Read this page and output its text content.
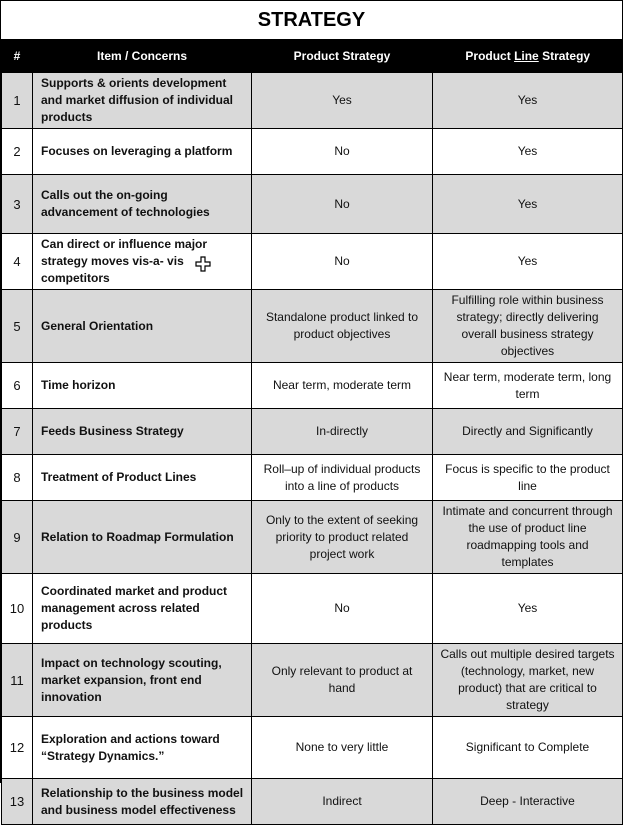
STRATEGY
#	Item / Concerns	Product Strategy	Product Line Strategy
1	Supports & orients development and market diffusion of individual products	Yes	Yes
2	Focuses on leveraging a platform	No	Yes
3	Calls out the on-going advancement of technologies	No	Yes
4	Can direct or influence major strategy moves vis-a- vis competitors	No	Yes
5	General Orientation	Standalone product linked to product objectives	Fulfilling role within business strategy; directly delivering overall business strategy objectives
6	Time horizon	Near term, moderate term	Near term, moderate term, long term
7	Feeds Business Strategy	In-directly	Directly and Significantly
8	Treatment of Product Lines	Roll–up of individual products into a line of products	Focus is specific to the product line
9	Relation to Roadmap Formulation	Only to the extent of seeking priority to product related project work	Intimate and concurrent through the use of product line roadmapping tools and templates
10	Coordinated market and product management across related products	No	Yes
11	Impact on technology scouting, market expansion, front end innovation	Only relevant to product at hand	Calls out multiple desired targets (technology, market, new product) that are critical to strategy
12	Exploration and actions toward “Strategy Dynamics.”	None to very little	Significant to Complete
13	Relationship to the business model and business model effectiveness	Indirect	Deep - Interactive
